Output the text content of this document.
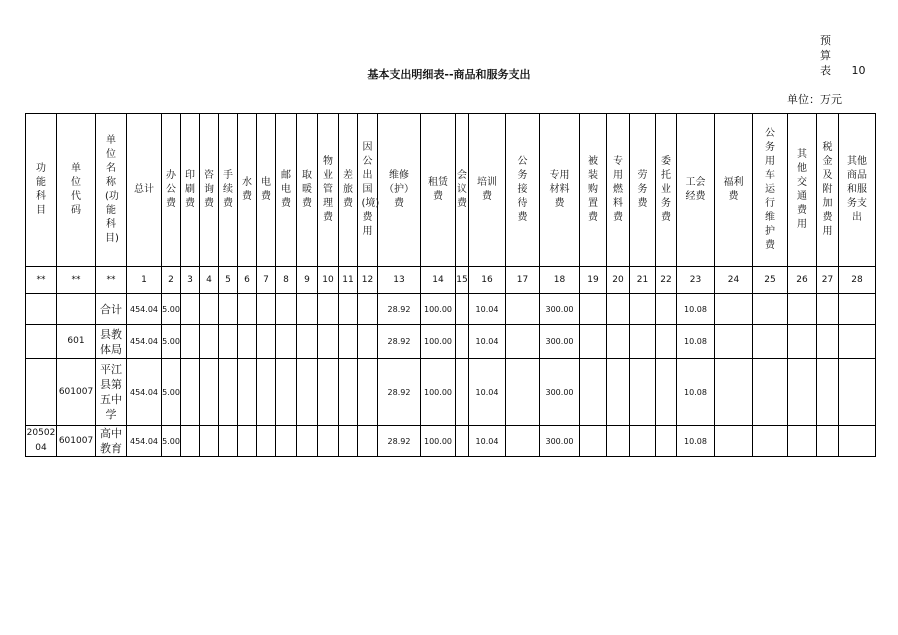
预 算 表 10
基本支出明细表--商品和服务支出
单位：万元
功能科目	单位代码	单位名称(功能科目)	总计	办公费	印刷费	咨询费	手续费	水费	电费	邮电费	取暖费	物业管理费	差旅费	因公出国(境)费用	维修（护）费	租赁费	会议费	培训费	公务接待费	专用材料费	被装购置费	专用燃料费	劳务费	委托业务费	工会经费	福利费	公务用车运行维护费	其他交通费用	税金及附加费用	其他商品和服务支出

**	**	**	1	2	3	4	5	6	7	8	9	10	11	12	13	14	15	16	17	18	19	20	21	22	23	24	25	26	27	28
		合计	454.04	5.00											28.92	100.00		10.04		300.00					10.08					
	601	县教体局	454.04	5.00											28.92	100.00		10.04		300.00					10.08					
	601007	平江县第五中学	454.04	5.00											28.92	100.00		10.04		300.00					10.08					
2050204	601007	高中教育	454.04	5.00											28.92	100.00		10.04		300.00					10.08					
